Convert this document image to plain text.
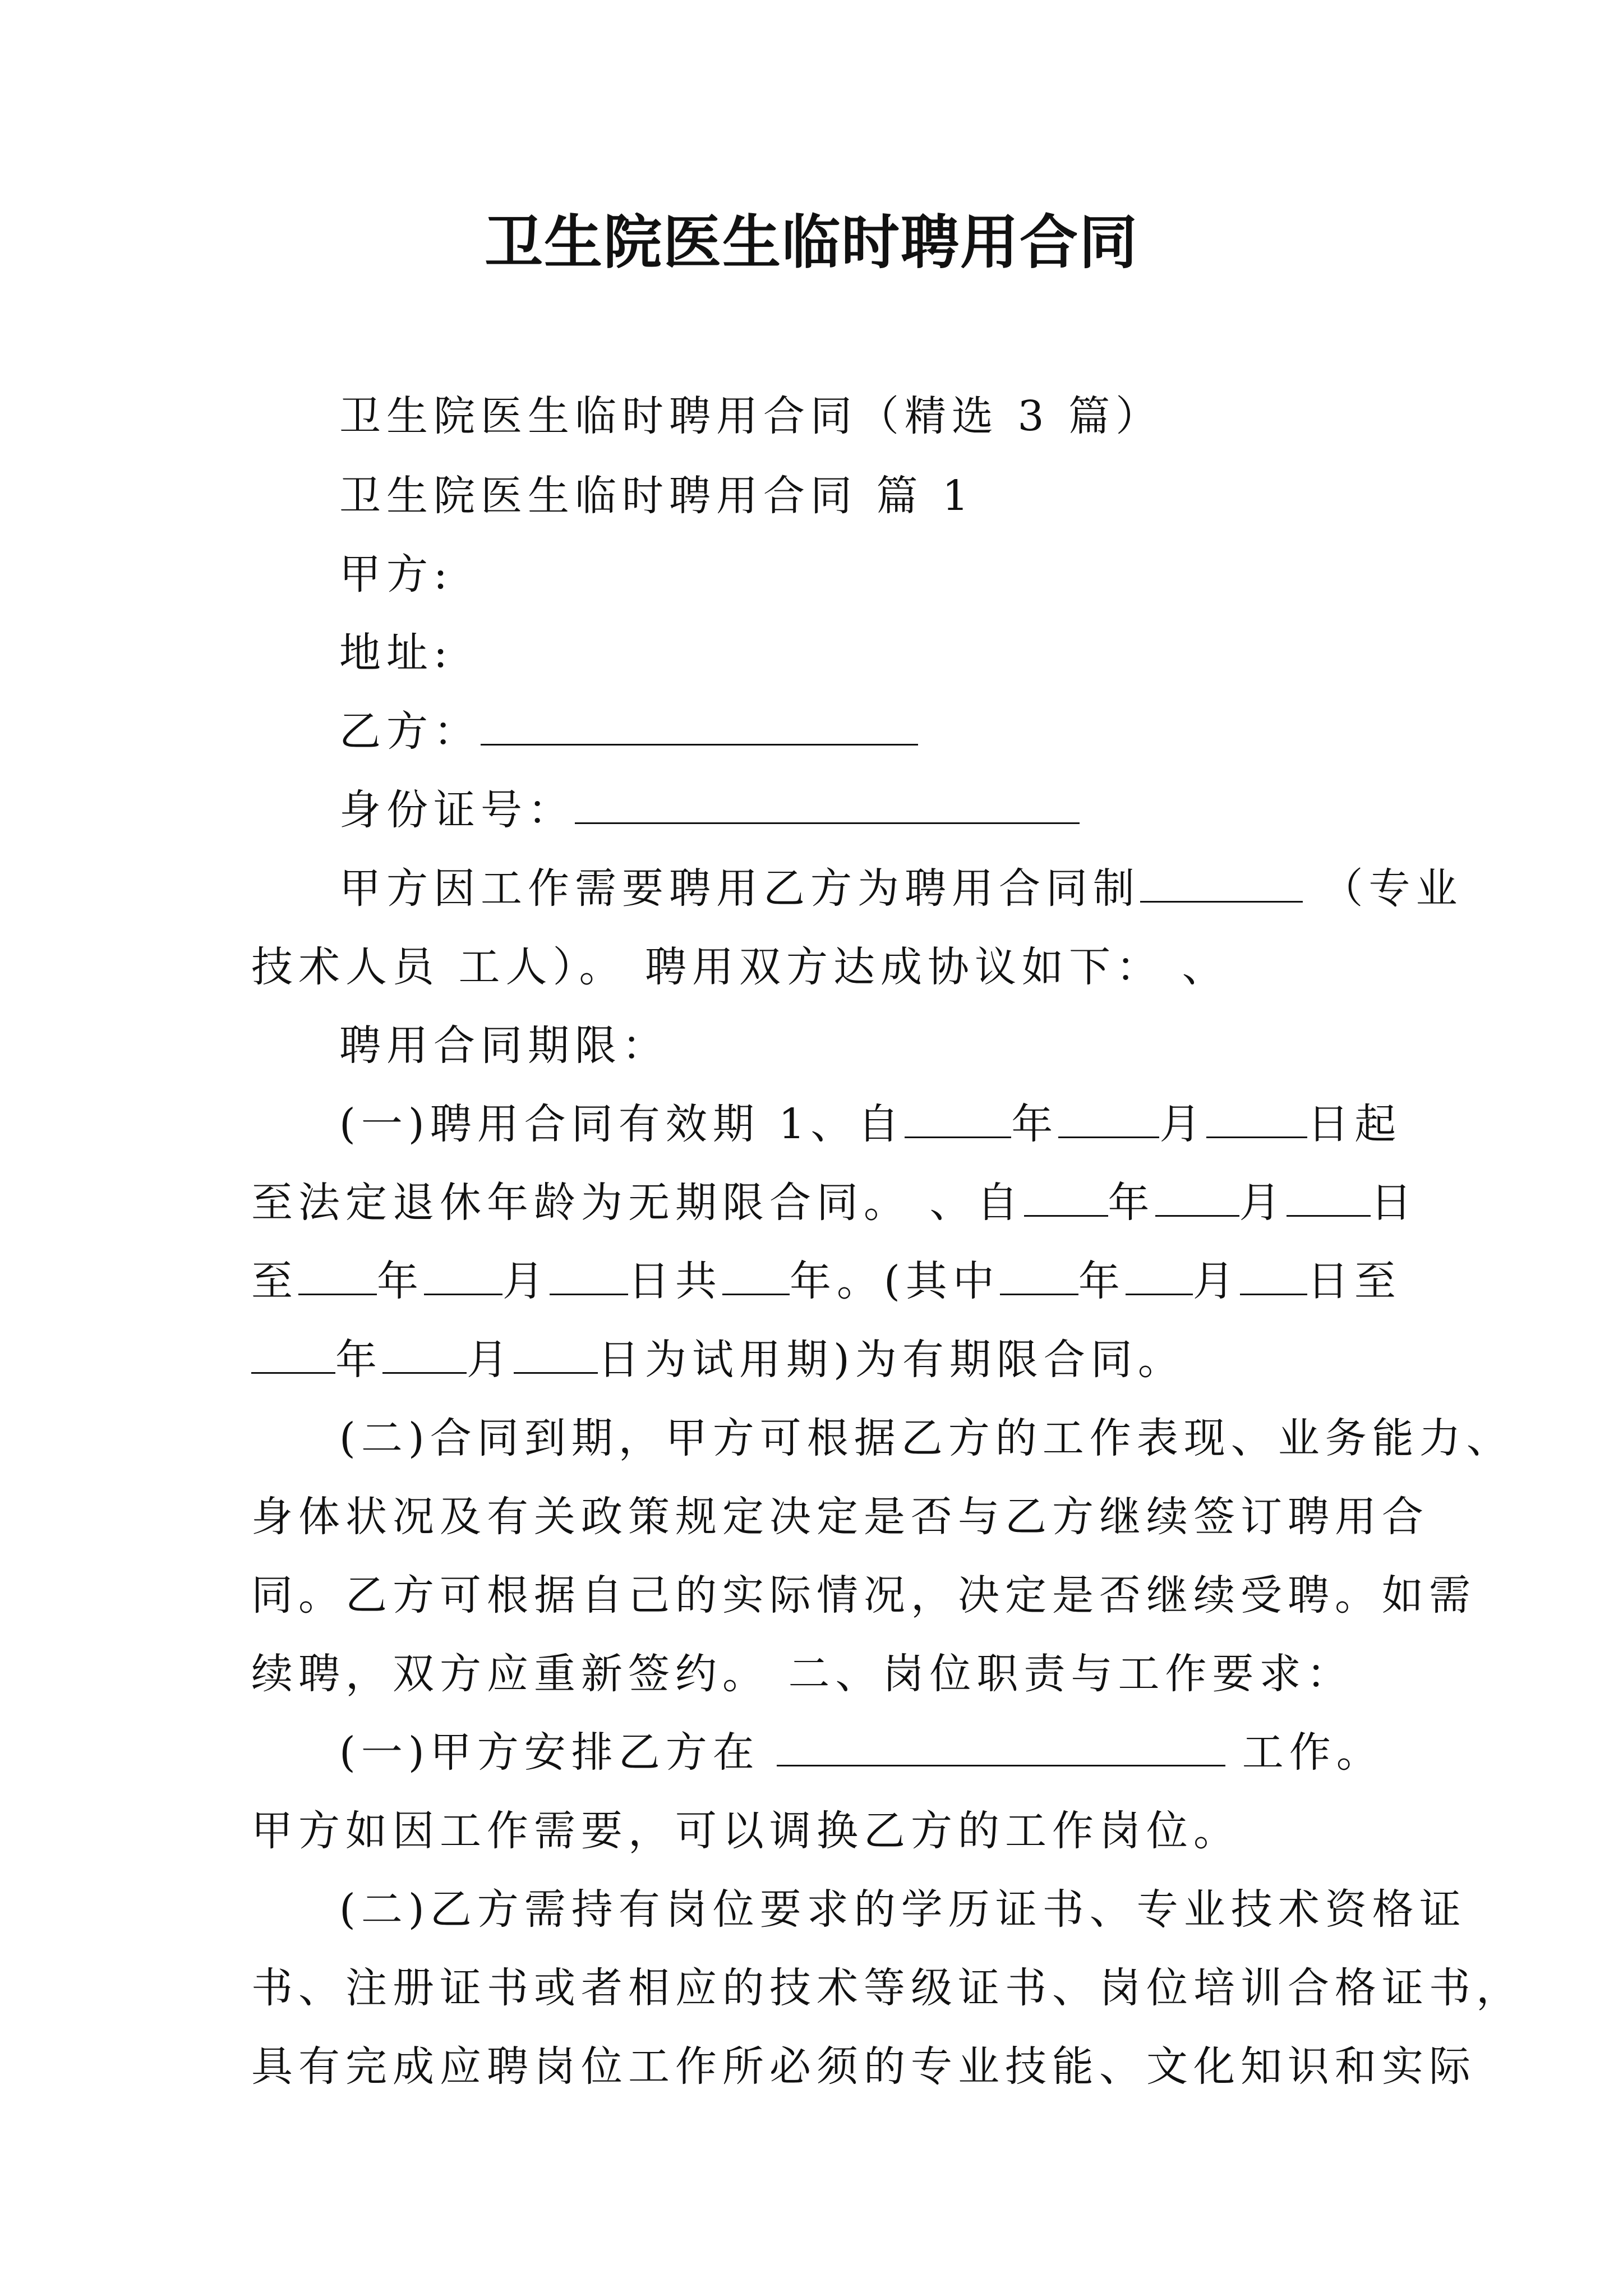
卫生院医生临时聘用合同
卫生院医生临时聘用合同（精选 3 篇）
卫生院医生临时聘用合同 篇 1
甲方:
地址:
乙方：
身份证号：
甲方因工作需要聘用乙方为聘用合同制	（专业
技术人员 工人）。 聘用双方达成协议如下： 、
聘用合同期限：
(一)聘用合同有效期 1、自	年 月 日起
至法定退休年龄为无期限合同。 、自 年 月 日
至 年 月 日共 年。(其中 年 月 日至
年 月 日为试用期)为有期限合同。
(二)合同到期，甲方可根据乙方的工作表现、业务能力、
身体状况及有关政策规定决定是否与乙方继续签订聘用合
同。乙方可根据自己的实际情况，决定是否继续受聘。如需
续聘，双方应重新签约。 二、岗位职责与工作要求：
(一)甲方安排乙方在	工作。
甲方如因工作需要，可以调换乙方的工作岗位。
(二)乙方需持有岗位要求的学历证书、专业技术资格证
书、注册证书或者相应的技术等级证书、岗位培训合格证书，
具有完成应聘岗位工作所必须的专业技能、文化知识和实际
